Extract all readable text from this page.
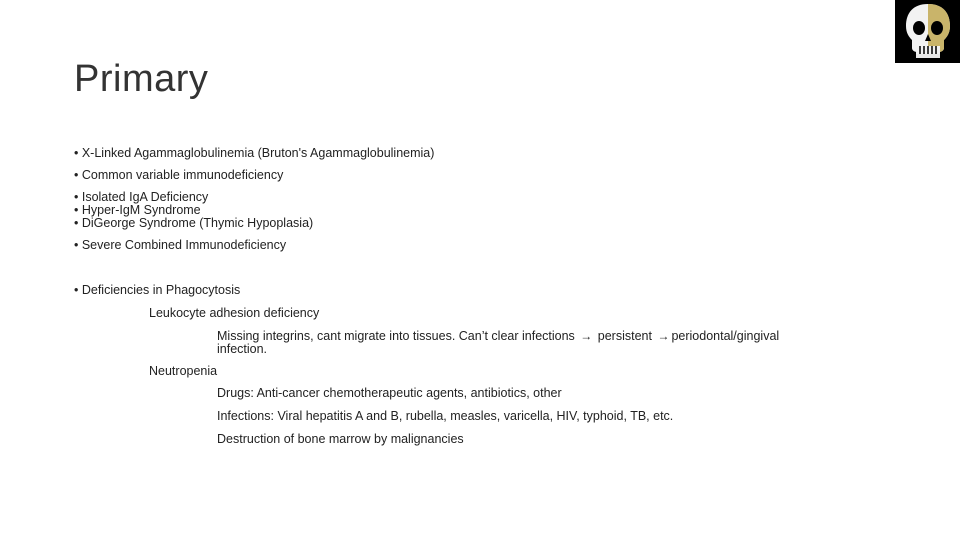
Primary
• X-Linked Agammaglobulinemia (Bruton's Agammaglobulinemia)
• Common variable immunodeficiency
• Isolated IgA Deficiency
• Hyper-IgM Syndrome
• DiGeorge Syndrome (Thymic Hypoplasia)
• Severe Combined Immunodeficiency
• Deficiencies in Phagocytosis
Leukocyte adhesion deficiency
Missing integrins, cant migrate into tissues. Can’t clear infections → persistent → periodontal/gingival
infection.
Neutropenia
Drugs: Anti-cancer chemotherapeutic agents, antibiotics, other
Infections: Viral hepatitis A and B, rubella, measles, varicella, HIV, typhoid, TB, etc.
Destruction of bone marrow by malignancies
